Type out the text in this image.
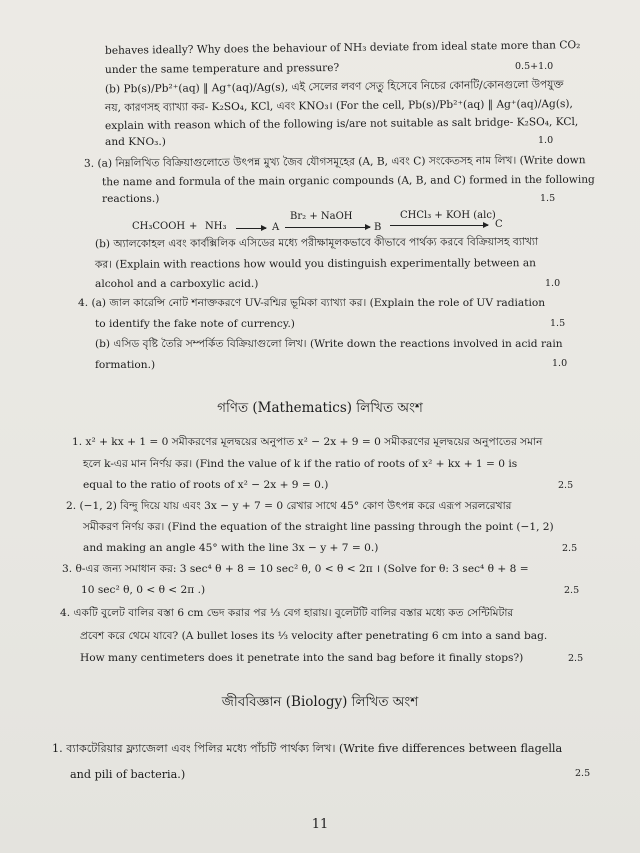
behaves ideally? Why does the behaviour of NH₃ deviate from ideal state more than CO₂
under the same temperature and pressure?	0.5+1.0
(b) Pb(s)/Pb²⁺(aq) ‖ Ag⁺(aq)/Ag(s), এই সেলের লবণ সেতু হিসেবে নিচের কোনটি/কোনগুলো উপযুক্ত
নয়, কারণসহ ব্যাখ্যা কর- K₂SO₄, KCl, এবং KNO₃। (For the cell, Pb(s)/Pb²⁺(aq) ‖ Ag⁺(aq)/Ag(s),
explain with reason which of the following is/are not suitable as salt bridge- K₂SO₄, KCl,
and KNO₃.)	1.0
3. (a) নিম্নলিখিত বিক্রিয়াগুলোতে উৎপন্ন মুখ্য জৈব যৌগসমূহের (A, B, এবং C) সংকেতসহ নাম লিখ। (Write down
the name and formula of the main organic compounds (A, B, and C) formed in the following
reactions.)	1.5
CH₃COOH + NH₃ → A
Br₂ + NaOH
B
CHCl₃ + KOH (alc)
C
(b) অ্যালকোহল এবং কার্বক্সিলিক এসিডের মধ্যে পরীক্ষামূলকভাবে কীভাবে পার্থক্য করবে বিক্রিয়াসহ ব্যাখ্যা
কর। (Explain with reactions how would you distinguish experimentally between an
alcohol and a carboxylic acid.)	1.0
4. (a) জাল কারেন্সি নোট শনাক্তকরণে UV-রশ্মির ভূমিকা ব্যাখ্যা কর। (Explain the role of UV radiation
to identify the fake note of currency.)	1.5
(b) এসিড বৃষ্টি তৈরি সম্পর্কিত বিক্রিয়াগুলো লিখ। (Write down the reactions involved in acid rain
formation.)	1.0
গণিত (Mathematics) লিখিত অংশ
1. x² + kx + 1 = 0 সমীকরণের মূলদ্বয়ের অনুপাত x² − 2x + 9 = 0 সমীকরণের মূলদ্বয়ের অনুপাতের সমান
হলে k-এর মান নির্ণয় কর। (Find the value of k if the ratio of roots of x² + kx + 1 = 0 is
equal to the ratio of roots of x² − 2x + 9 = 0.)	2.5
2. (−1, 2) বিন্দু দিয়ে যায় এবং 3x − y + 7 = 0 রেখার সাথে 45° কোণ উৎপন্ন করে এরূপ সরলরেখার
সমীকরণ নির্ণয় কর। (Find the equation of the straight line passing through the point (−1, 2)
and making an angle 45° with the line 3x − y + 7 = 0.)	2.5
3. θ-এর জন্য সমাধান কর: 3 sec⁴ θ + 8 = 10 sec² θ, 0 < θ < 2π । (Solve for θ: 3 sec⁴ θ + 8 =
10 sec² θ, 0 < θ < 2π .)	2.5
4. একটি বুলেট বালির বস্তা 6 cm ভেদ করার পর ⅓ বেগ হারায়। বুলেটটি বালির বস্তার মধ্যে কত সেন্টিমিটার
প্রবেশ করে থেমে যাবে? (A bullet loses its ⅓ velocity after penetrating 6 cm into a sand bag.
How many centimeters does it penetrate into the sand bag before it finally stops?)	2.5
জীববিজ্ঞান (Biology) লিখিত অংশ
1. ব্যাকটেরিয়ার ফ্ল্যাজেলা এবং পিলির মধ্যে পাঁচটি পার্থক্য লিখ। (Write five differences between flagella
and pili of bacteria.)	2.5
11
